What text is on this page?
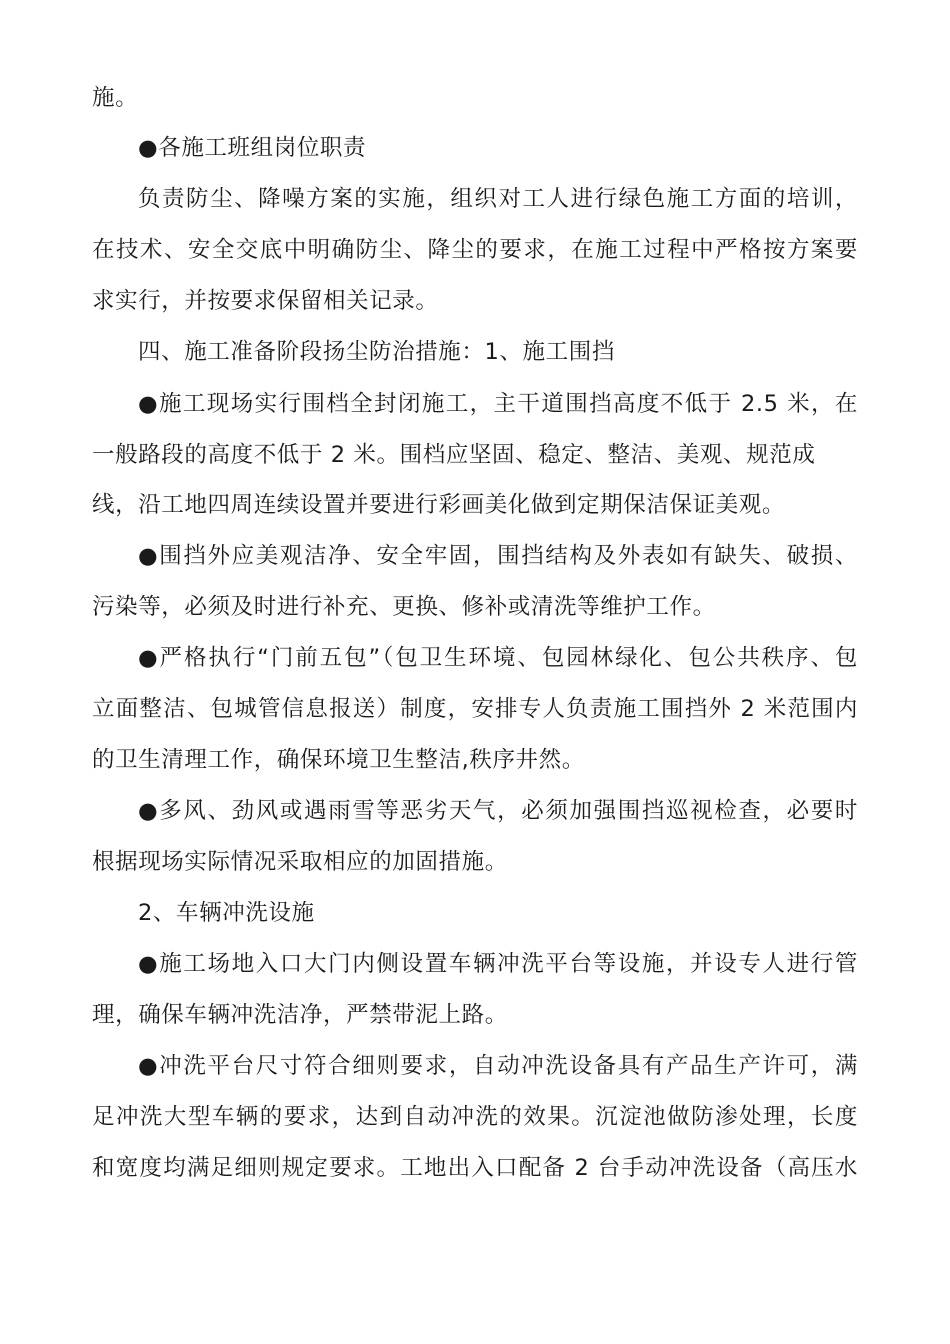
施。
●各施工班组岗位职责
负责防尘、降噪方案的实施，组织对工人进行绿色施工方面的培训，
在技术、安全交底中明确防尘、降尘的要求，在施工过程中严格按方案要
求实行，并按要求保留相关记录。
四、施工准备阶段扬尘防治措施：1、施工围挡
●施工现场实行围档全封闭施工，主干道围挡高度不低于 2.5 米，在
一般路段的高度不低于 2 米。围档应坚固、稳定、整洁、美观、规范成
线，沿工地四周连续设置并要进行彩画美化做到定期保洁保证美观。
●围挡外应美观洁净、安全牢固，围挡结构及外表如有缺失、破损、
污染等，必须及时进行补充、更换、修补或清洗等维护工作。
●严格执行“门前五包”（包卫生环境、包园林绿化、包公共秩序、包
立面整洁、包城管信息报送）制度，安排专人负责施工围挡外 2 米范围内
的卫生清理工作，确保环境卫生整洁,秩序井然。
●多风、劲风或遇雨雪等恶劣天气，必须加强围挡巡视检查，必要时
根据现场实际情况采取相应的加固措施。
2、车辆冲洗设施
●施工场地入口大门内侧设置车辆冲洗平台等设施，并设专人进行管
理，确保车辆冲洗洁净，严禁带泥上路。
●冲洗平台尺寸符合细则要求，自动冲洗设备具有产品生产许可，满
足冲洗大型车辆的要求，达到自动冲洗的效果。沉淀池做防渗处理，长度
和宽度均满足细则规定要求。工地出入口配备 2 台手动冲洗设备（高压水
